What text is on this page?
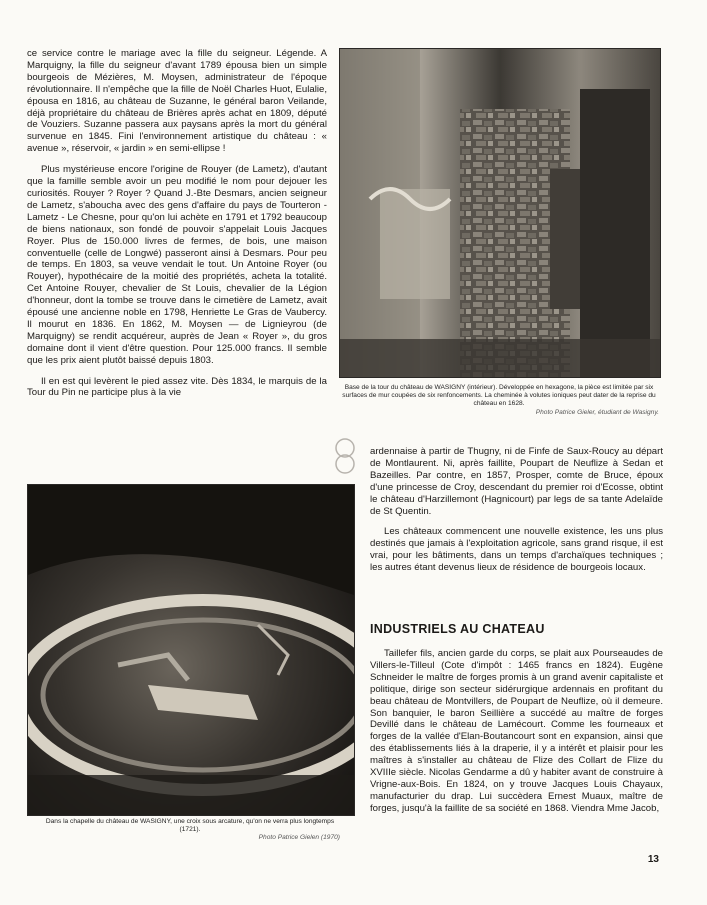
ce service contre le mariage avec la fille du seigneur. Légende. A Marquigny, la fille du seigneur d'avant 1789 épousa bien un simple bourgeois de Mézières, M. Moysen, administrateur de l'époque révolutionnaire. Il n'empêche que la fille de Noël Charles Huot, Eulalie, épousa en 1816, au château de Suzanne, le général baron Veilande, déjà propriétaire du château de Brières après achat en 1809, député de Vouziers. Suzanne passera aux paysans après la mort du général survenue en 1845. Fini l'environnement artistique du château : « avenue », réservoir, « jardin » en semi-ellipse !

Plus mystérieuse encore l'origine de Rouyer (de Lametz), d'autant que la famille semble avoir un peu modifié le nom pour dejouer les curiosités. Rouyer ? Royer ? Quand J.-Bte Desmars, ancien seigneur de Lametz, s'aboucha avec des gens d'affaire du pays de Tourteron - Lametz - Le Chesne, pour qu'on lui achète en 1791 et 1792 beaucoup de biens nationaux, son fondé de pouvoir s'appelait Louis Jacques Royer. Plus de 150.000 livres de fermes, de bois, une maison conventuelle (celle de Longwé) passeront ainsi à Desmars. Pour peu de temps. En 1803, sa veuve vendait le tout. Un Antoine Royer (ou Rouyer), hypothécaire de la moitié des propriétés, acheta la totalité. Cet Antoine Rouyer, chevalier de St Louis, chevalier de la Légion d'honneur, dont la tombe se trouve dans le cimetière de Lametz, avait épousé une ancienne noble en 1798, Henriette Le Gras de Vaubercy. Il mourut en 1836. En 1862, M. Moysen — de Lignieyrou (de Marquigny) se rendit acquéreur, auprès de Jean « Royer », du gros domaine dont il vient d'être question. Pour 125.000 francs. Il semble que les prix aient plutôt baissé depuis 1803.

Il en est qui levèrent le pied assez vite. Dès 1834, le marquis de la Tour du Pin ne participe plus à la vie	Base de la tour du château de WASIGNY (intérieur). Développée en hexagone, la pièce est limitée par six surfaces de mur coupées de six renfoncements. La cheminée à volutes ioniques peut dater de la reprise du château en 1628.
Photo Patrice Gieler, étudiant de Wasigny.
Dans la chapelle du château de WASIGNY, une croix sous arcature, qu'on ne verra plus longtemps (1721).
Photo Patrice Gielen (1970)

ardennaise à partir de Thugny, ni de Finfe de Saux-Roucy au départ de Montlaurent. Ni, après faillite, Poupart de Neuflize à Sedan et Bazeilles. Par contre, en 1857, Prosper, comte de Bruce, époux d'une princesse de Croy, descendant du premier roi d'Ecosse, obtint le château d'Harzillemont (Hagnicourt) par legs de sa tante Adelaïde de St Quentin.

Les châteaux commencent une nouvelle existence, les uns plus destinés que jamais à l'exploitation agricole, sans grand risque, il est vrai, pour les bâtiments, dans un temps d'archaïques techniques ; les autres étant devenus lieux de résidence de bourgeois locaux.

INDUSTRIELS AU CHATEAU

Taillefer fils, ancien garde du corps, se plait aux Pourseaudes de Villers-le-Tilleul (Cote d'impôt : 1465 francs en 1824). Eugène Schneider le maître de forges promis à un grand avenir capitaliste et politique, dirige son secteur sidérurgique ardennais en profitant du beau château de Montvillers, de Poupart de Neuflize, où il demeure. Son banquier, le baron Seillière a succédé au maître de forges Devillé dans le château de Lamécourt. Comme les fourneaux et forges de la vallée d'Elan-Boutancourt sont en expansion, ainsi que des établissements liés à la draperie, il y a intérêt et plaisir pour les maîtres à s'installer au château de Flize des Collart de Flize du XVIIIe siècle. Nicolas Gendarme a dû y habiter avant de construire à Vrigne-aux-Bois. En 1824, on y trouve Jacques Louis Chayaux, manufacturier du drap. Lui succèdera Ernest Muaux, maître de forges, jusqu'à la faillite de sa société en 1868. Viendra Mme Jacob,

13
